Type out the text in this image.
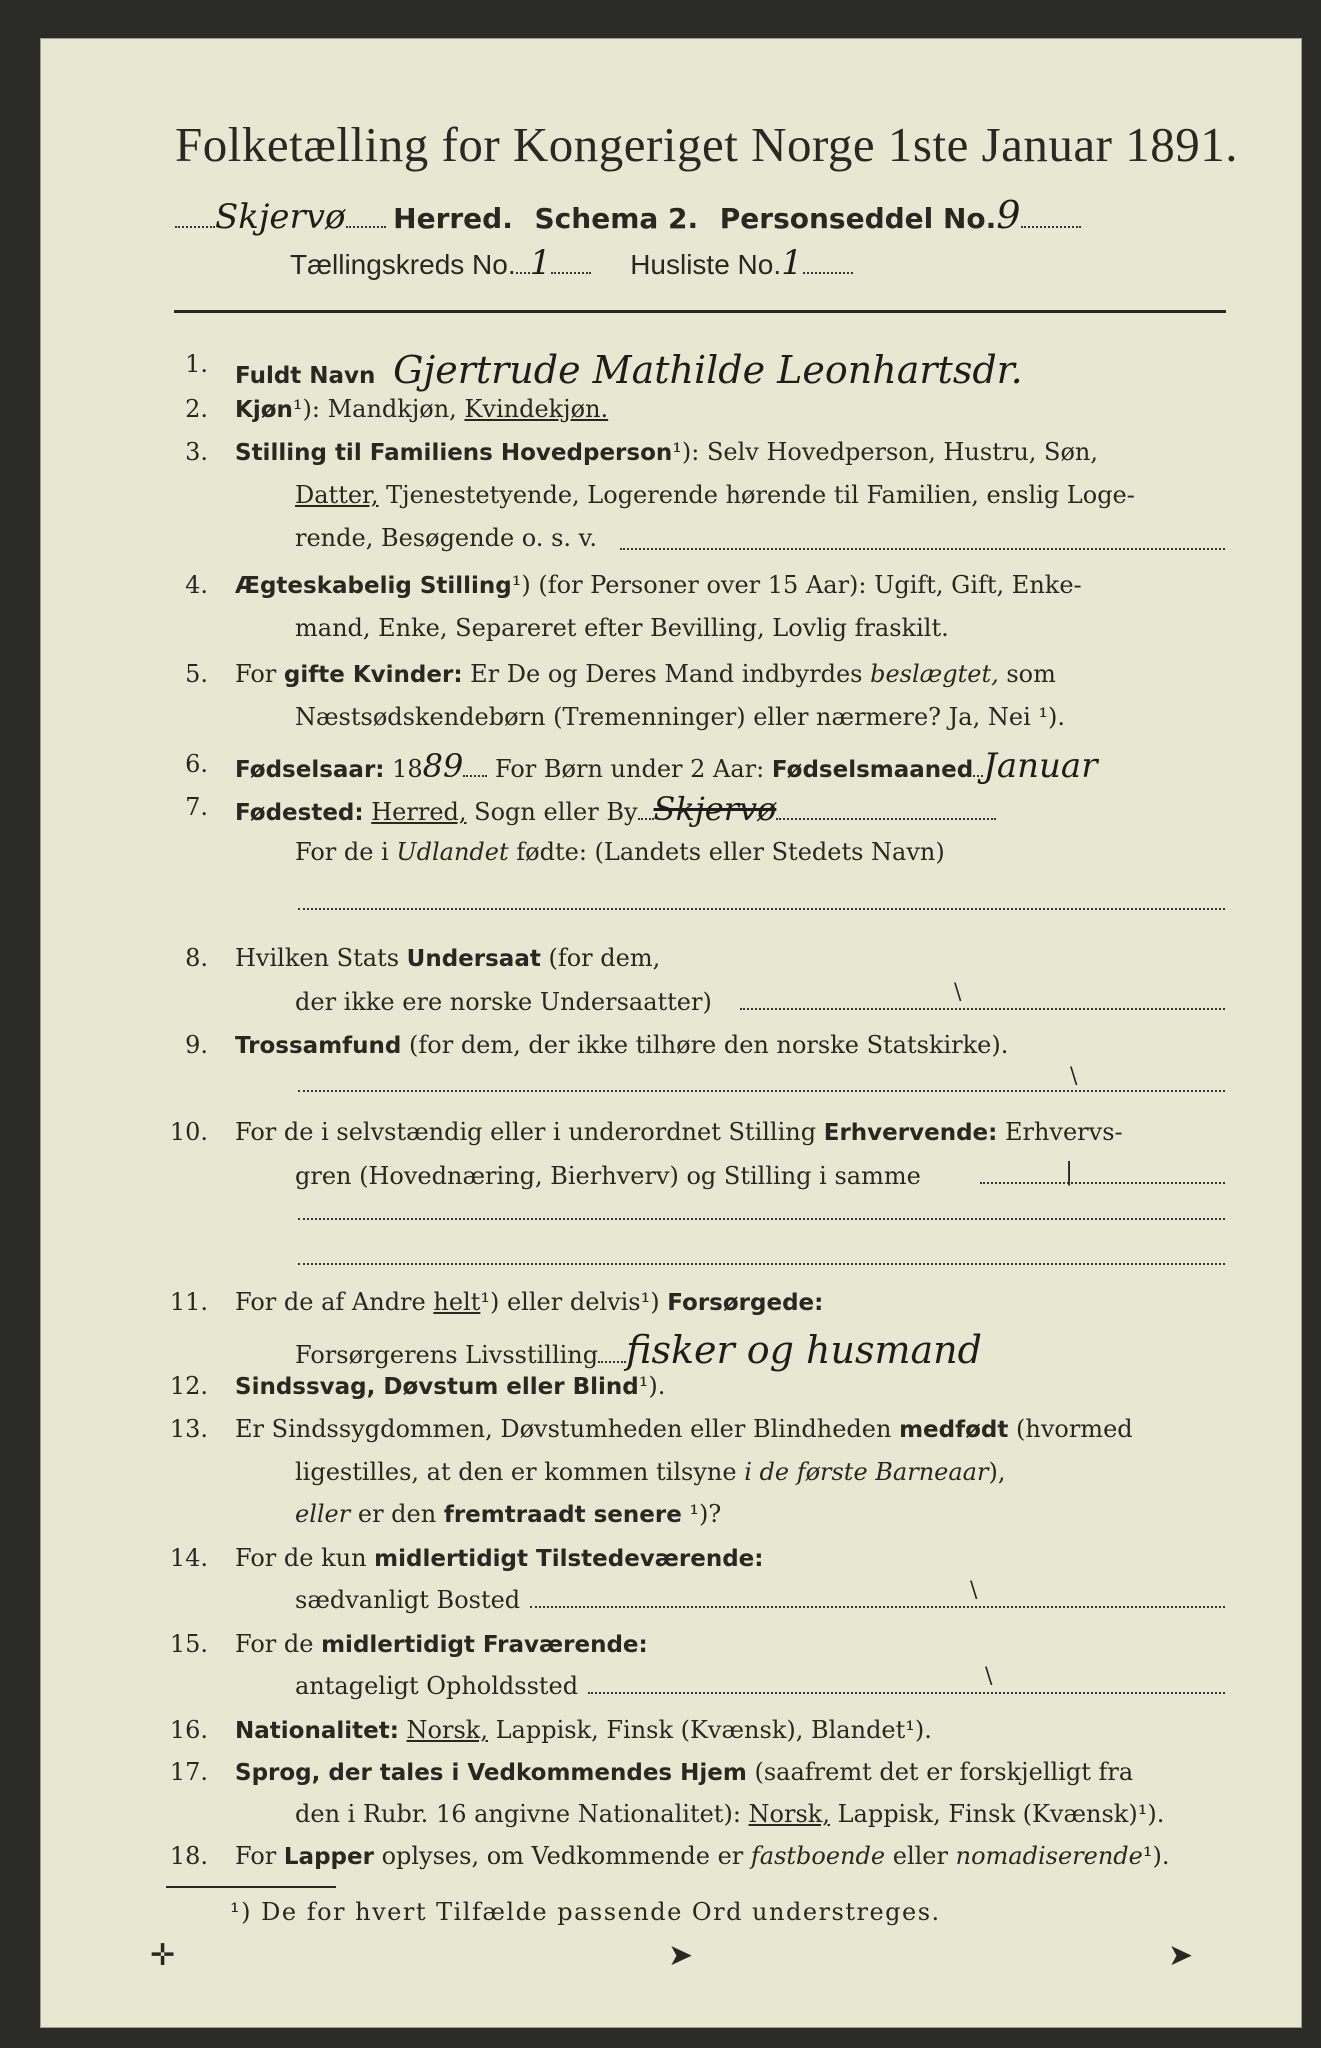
Folketælling for Kongeriget Norge 1ste Januar 1891.
Skjervø Herred. Schema 2. Personseddel No.9
Tællingskreds No. 1	Husliste No.1
1. Fuldt Navn Gjertrude Mathilde Leonhartsdr.
2. Kjøn¹): Mandkjøn, Kvindekjøn.
3. Stilling til Familiens Hovedperson¹): Selv Hovedperson, Hustru, Søn,
Datter, Tjenestetyende, Logerende hørende til Familien, enslig Loge-
rende, Besøgende o. s. v.
4. Ægteskabelig Stilling¹) (for Personer over 15 Aar): Ugift, Gift, Enke-
mand, Enke, Separeret efter Bevilling, Lovlig fraskilt.
5. For gifte Kvinder: Er De og Deres Mand indbyrdes beslægtet, som
Næstsødskendebørn (Tremenninger) eller nærmere? Ja, Nei ¹).
6. Fødselsaar: 1889 For Børn under 2 Aar: Fødselsmaaned Januar
7. Fødested: Herred, Sogn eller By Skjervø
For de i Udlandet fødte: (Landets eller Stedets Navn)
8. Hvilken Stats Undersaat (for dem,
der ikke ere norske Undersaatter)	\
9. Trossamfund (for dem, der ikke tilhøre den norske Statskirke).
\
10. For de i selvstændig eller i underordnet Stilling Erhvervende: Erhvervs-
gren (Hovednæring, Bierhverv) og Stilling i samme	|
11. For de af Andre helt¹) eller delvis¹) Forsørgede:
Forsørgerens Livsstilling fisker og husmand
12. Sindssvag, Døvstum eller Blind¹).
13. Er Sindssygdommen, Døvstumheden eller Blindheden medfødt (hvormed
ligestilles, at den er kommen tilsyne i de første Barneaar),
eller er den fremtraadt senere ¹)?
14. For de kun midlertidigt Tilstedeværende:
sædvanligt Bosted	\
15. For de midlertidigt Fraværende:
antageligt Opholdssted	\
16. Nationalitet: Norsk, Lappisk, Finsk (Kvænsk), Blandet¹).
17. Sprog, der tales i Vedkommendes Hjem (saafremt det er forskjelligt fra
den i Rubr. 16 angivne Nationalitet): Norsk, Lappisk, Finsk (Kvænsk)¹).
18. For Lapper oplyses, om Vedkommende er fastboende eller nomadiserende¹).
¹) De for hvert Tilfælde passende Ord understreges.
✛	➤	➤
